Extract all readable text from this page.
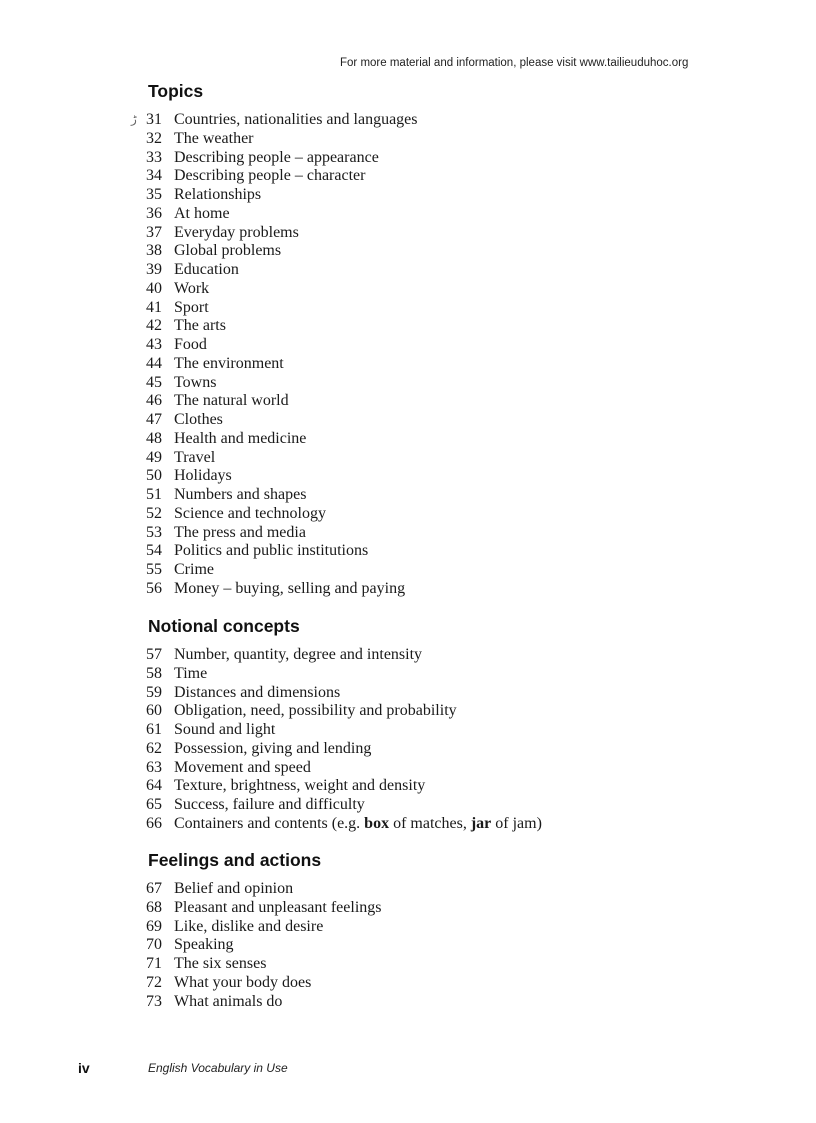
For more material and information, please visit www.tailieuduhoc.org
ڑ
Topics
31 Countries, nationalities and languages
32 The weather
33 Describing people – appearance
34 Describing people – character
35 Relationships
36 At home
37 Everyday problems
38 Global problems
39 Education
40 Work
41 Sport
42 The arts
43 Food
44 The environment
45 Towns
46 The natural world
47 Clothes
48 Health and medicine
49 Travel
50 Holidays
51 Numbers and shapes
52 Science and technology
53 The press and media
54 Politics and public institutions
55 Crime
56 Money – buying, selling and paying
Notional concepts
57 Number, quantity, degree and intensity
58 Time
59 Distances and dimensions
60 Obligation, need, possibility and probability
61 Sound and light
62 Possession, giving and lending
63 Movement and speed
64 Texture, brightness, weight and density
65 Success, failure and difficulty
66 Containers and contents (e.g. box of matches, jar of jam)
Feelings and actions
67 Belief and opinion
68 Pleasant and unpleasant feelings
69 Like, dislike and desire
70 Speaking
71 The six senses
72 What your body does
73 What animals do
iv	English Vocabulary in Use
